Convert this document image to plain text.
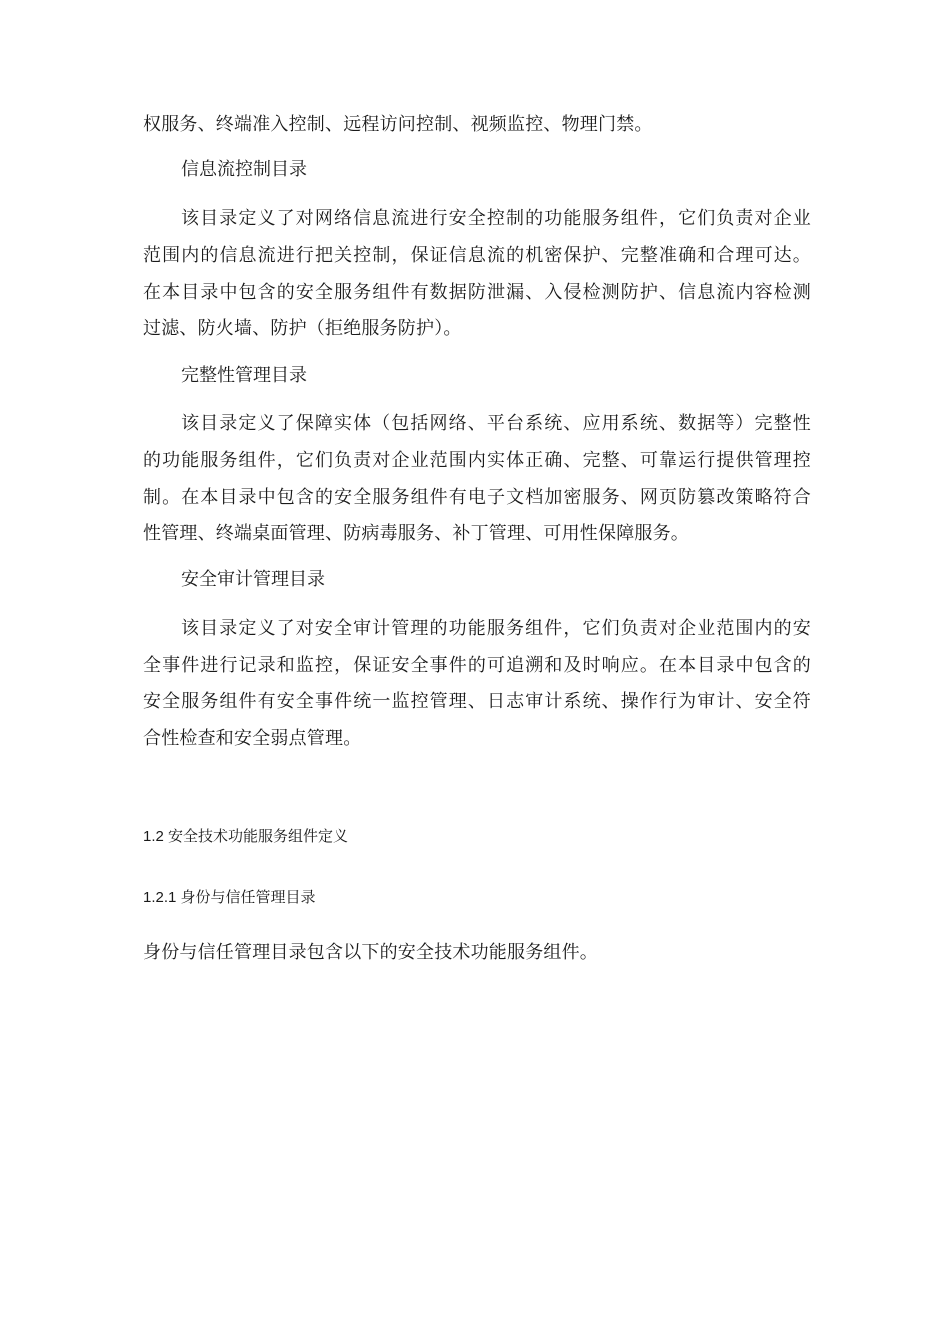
权服务、终端准入控制、远程访问控制、视频监控、物理门禁。
信息流控制目录
该目录定义了对网络信息流进行安全控制的功能服务组件，它们负责对企业
范围内的信息流进行把关控制，保证信息流的机密保护、完整准确和合理可达。
在本目录中包含的安全服务组件有数据防泄漏、入侵检测防护、信息流内容检测
过滤、防火墙、防护（拒绝服务防护）。
完整性管理目录
该目录定义了保障实体（包括网络、平台系统、应用系统、数据等）完整性
的功能服务组件，它们负责对企业范围内实体正确、完整、可靠运行提供管理控
制。在本目录中包含的安全服务组件有电子文档加密服务、网页防篡改策略符合
性管理、终端桌面管理、防病毒服务、补丁管理、可用性保障服务。
安全审计管理目录
该目录定义了对安全审计管理的功能服务组件，它们负责对企业范围内的安
全事件进行记录和监控，保证安全事件的可追溯和及时响应。在本目录中包含的
安全服务组件有安全事件统一监控管理、日志审计系统、操作行为审计、安全符
合性检查和安全弱点管理。
1.2 安全技术功能服务组件定义
1.2.1 身份与信任管理目录
身份与信任管理目录包含以下的安全技术功能服务组件。
